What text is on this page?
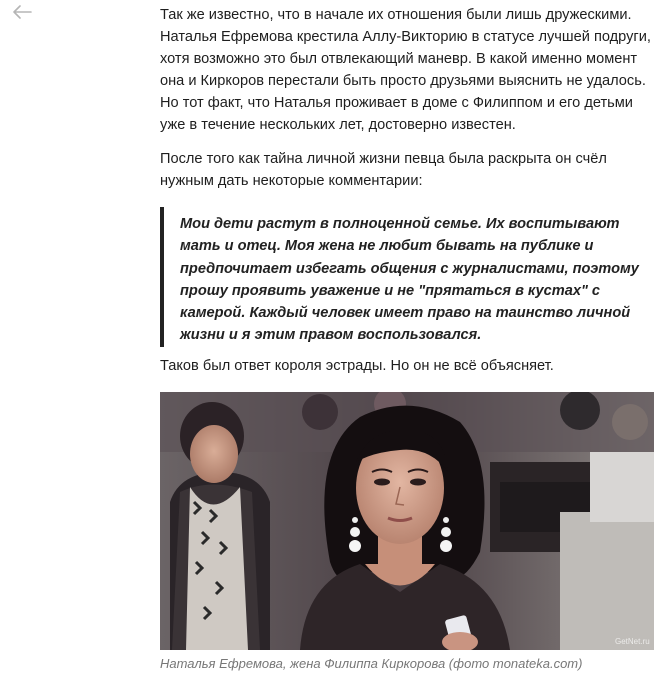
Так же известно, что в начале их отношения были лишь дружескими. Наталья Ефремова крестила Аллу-Викторию в статусе лучшей подруги, хотя возможно это был отвлекающий маневр. В какой именно момент она и Киркоров перестали быть просто друзьями выяснить не удалось. Но тот факт, что Наталья проживает в доме с Филиппом и его детьми уже в течение нескольких лет, достоверно известен.

После того как тайна личной жизни певца была раскрыта он счёл нужным дать некоторые комментарии:

Мои дети растут в полноценной семье. Их воспитывают мать и отец. Моя жена не любит бывать на публике и предпочитает избегать общения с журналистами, поэтому прошу проявить уважение и не "прятаться в кустах" с камерой. Каждый человек имеет право на таинство личной жизни и я этим правом воспользовался.

Таков был ответ короля эстрады. Но он не всё объясняет.

GetNet.ru

Наталья Ефремова, жена Филиппа Киркорова (фото monateka.com)
